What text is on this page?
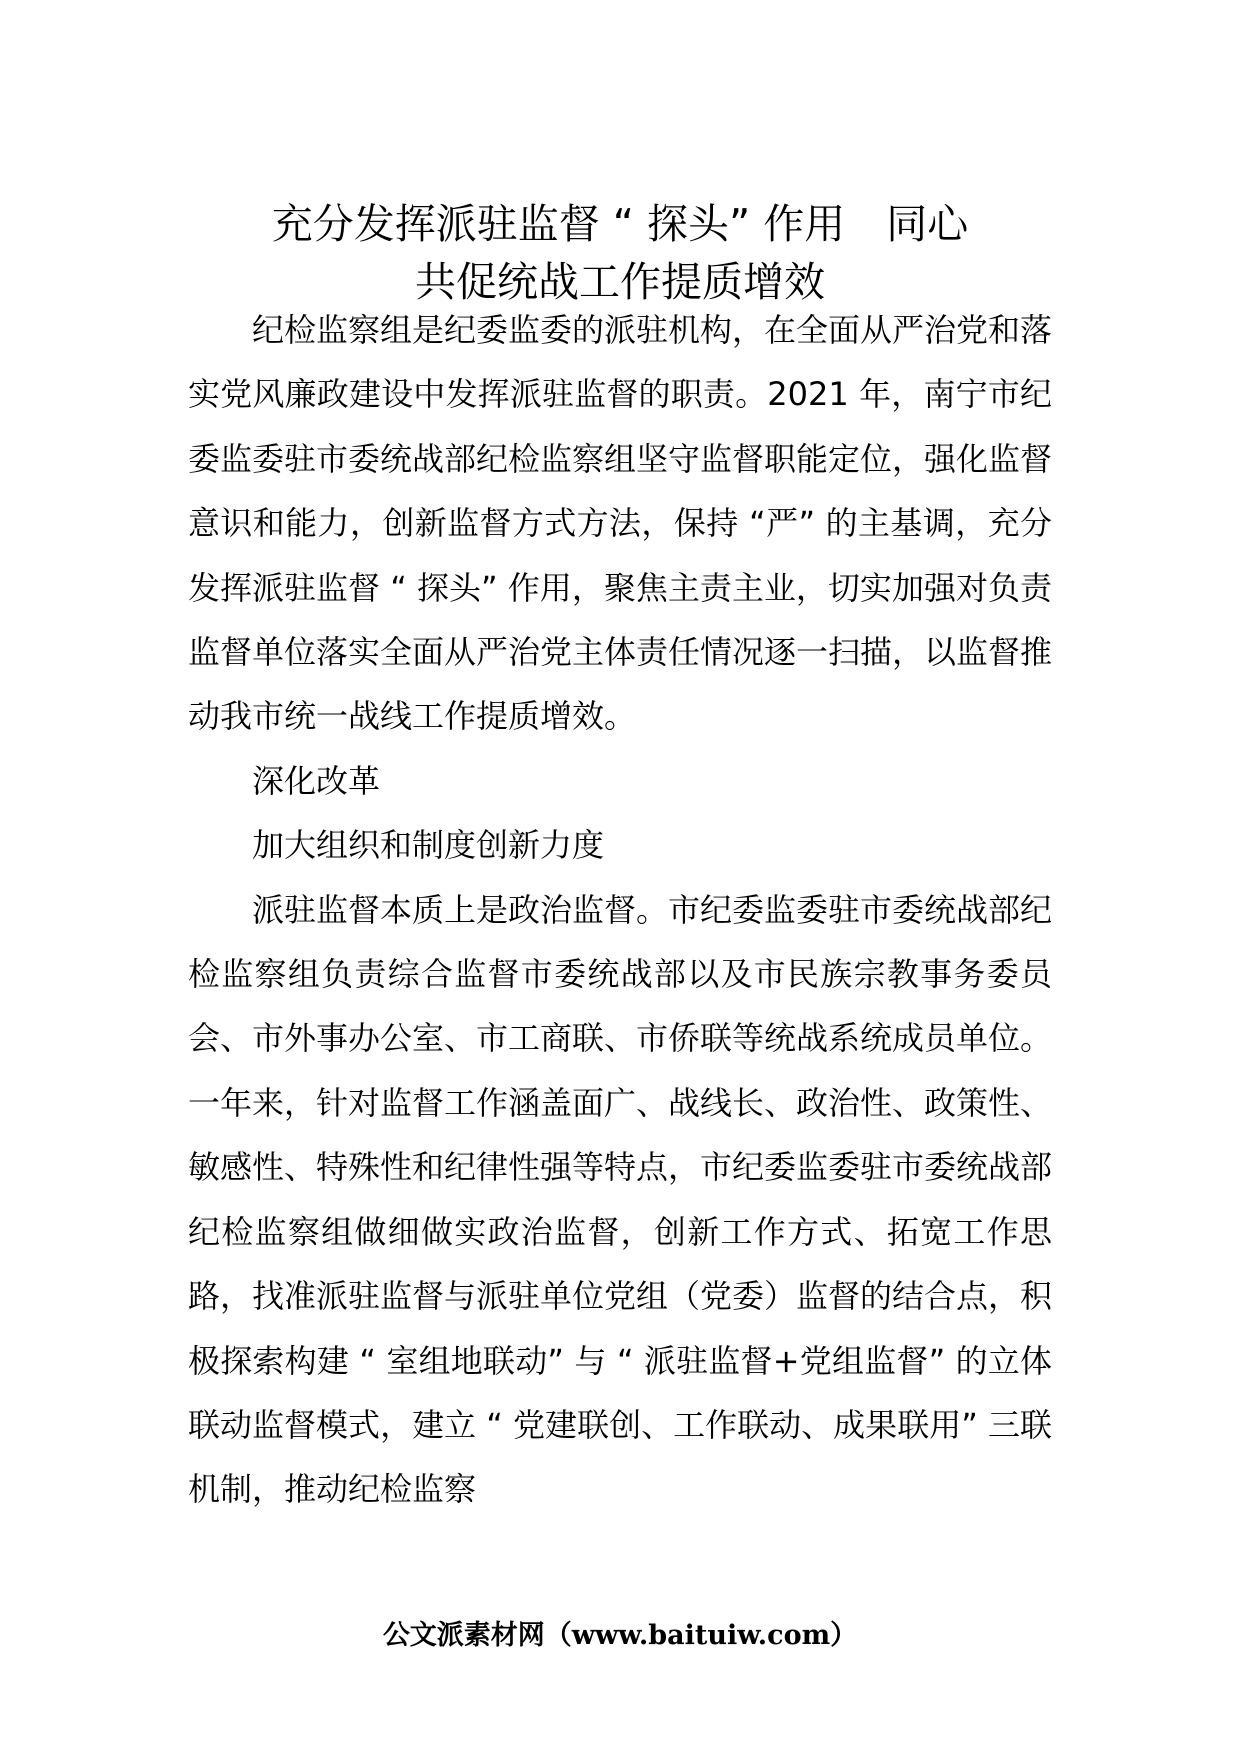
充分发挥派驻监督 “ 探头” 作用　同心
共促统战工作提质增效

纪检监察组是纪委监委的派驻机构，在全面从严治党和落实党风廉政建设中发挥派驻监督的职责。2021 年，南宁市纪委监委驻市委统战部纪检监察组坚守监督职能定位，强化监督意识和能力，创新监督方式方法，保持 “严” 的主基调，充分发挥派驻监督 “ 探头” 作用，聚焦主责主业，切实加强对负责监督单位落实全面从严治党主体责任情况逐一扫描，以监督推动我市统一战线工作提质增效。

深化改革

加大组织和制度创新力度

派驻监督本质上是政治监督。市纪委监委驻市委统战部纪检监察组负责综合监督市委统战部以及市民族宗教事务委员会、市外事办公室、市工商联、市侨联等统战系统成员单位。一年来，针对监督工作涵盖面广、战线长、政治性、政策性、敏感性、特殊性和纪律性强等特点，市纪委监委驻市委统战部纪检监察组做细做实政治监督，创新工作方式、拓宽工作思路，找准派驻监督与派驻单位党组（党委）监督的结合点，积极探索构建 “ 室组地联动” 与 “ 派驻监督+党组监督” 的立体联动监督模式，建立 “ 党建联创、工作联动、成果联用” 三联机制，推动纪检监察

公文派素材网（www.baituiw.com）
